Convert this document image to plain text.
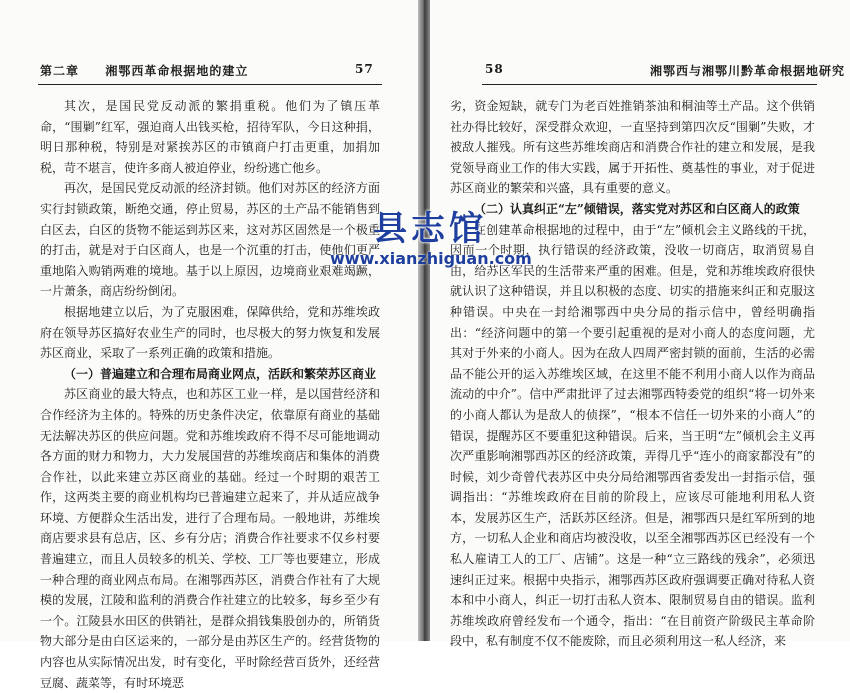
第二章 湘鄂西革命根据地的建立	57

其次，是国民党反动派的繁捐重税。他们为了镇压革命，“围剿”红军，强迫商人出钱买枪，招待军队，今日这种捐，明日那种税，特别是对紧挨苏区的市镇商户打击更重，加捐加税，苛不堪言，使许多商人被迫停业，纷纷逃亡他乡。

再次，是国民党反动派的经济封锁。他们对苏区的经济方面实行封锁政策，断绝交通，停止贸易，苏区的土产品不能销售到白区去，白区的货物不能运到苏区来，这对苏区固然是一个极重的打击，就是对于白区商人，也是一个沉重的打击，使他们更严重地陷入购销两难的境地。基于以上原因，边境商业艰难竭蹶，一片萧条，商店纷纷倒闭。

根据地建立以后，为了克服困难，保障供给，党和苏维埃政府在领导苏区搞好农业生产的同时，也尽极大的努力恢复和发展苏区商业，采取了一系列正确的政策和措施。

（一）普遍建立和合理布局商业网点，活跃和繁荣苏区商业

苏区商业的最大特点，也和苏区工业一样，是以国营经济和合作经济为主体的。特殊的历史条件决定，依靠原有商业的基础无法解决苏区的供应问题。党和苏维埃政府不得不尽可能地调动各方面的财力和物力，大力发展国营的苏维埃商店和集体的消费合作社，以此来建立苏区商业的基础。经过一个时期的艰苦工作，这两类主要的商业机构均已普遍建立起来了，并从适应战争环境、方便群众生活出发，进行了合理布局。一般地讲，苏维埃商店要求县有总店，区、乡有分店；消费合作社要求不仅乡村要普遍建立，而且人员较多的机关、学校、工厂等也要建立，形成一种合理的商业网点布局。在湘鄂西苏区，消费合作社有了大规模的发展，江陵和监利的消费合作社建立的比较多，每乡至少有一个。江陵县水田区的供销社，是群众捐钱集股创办的，所销货物大部分是由白区运来的，一部分是由苏区生产的。经营货物的内容也从实际情况出发，时有变化，平时除经营百货外，还经营豆腐、蔬菜等，有时环境恶

58	湘鄂西与湘鄂川黔革命根据地研究

劣，资金短缺，就专门为老百姓推销茶油和桐油等土产品。这个供销社办得比较好，深受群众欢迎，一直坚持到第四次反“围剿”失败，才被敌人摧残。所有这些苏维埃商店和消费合作社的建立和发展，是我党领导商业工作的伟大实践，属于开拓性、奠基性的事业，对于促进苏区商业的繁荣和兴盛，具有重要的意义。

（二）认真纠正“左”倾错误，落实党对苏区和白区商人的政策

在创建革命根据地的过程中，由于“左”倾机会主义路线的干扰，因而一个时期，执行错误的经济政策，没收一切商店，取消贸易自由，给苏区军民的生活带来严重的困难。但是，党和苏维埃政府很快就认识了这种错误，并且以积极的态度、切实的措施来纠正和克服这种错误。中央在一封给湘鄂西中央分局的指示信中，曾经明确指出：“经济问题中的第一个要引起重视的是对小商人的态度问题，尤其对于外来的小商人。因为在敌人四周严密封锁的面前，生活的必需品不能公开的运入苏维埃区域，在这里不能不利用小商人以作为商品流动的中介”。信中严肃批评了过去湘鄂西特委党的组织“将一切外来的小商人都认为是敌人的侦探”，“根本不信任一切外来的小商人”的错误，提醒苏区不要重犯这种错误。后来，当王明“左”倾机会主义再次严重影响湘鄂西苏区的经济政策，弄得几乎“连小的商家都没有”的时候，刘少奇曾代表苏区中央分局给湘鄂西省委发出一封指示信，强调指出：“苏维埃政府在目前的阶段上，应该尽可能地利用私人资本，发展苏区生产，活跃苏区经济。但是，湘鄂西只是红军所到的地方，一切私人企业和商店均被没收，以至全湘鄂西苏区已经没有一个私人雇请工人的工厂、店铺”。这是一种“立三路线的残余”，必须迅速纠正过来。根据中央指示，湘鄂西苏区政府强调要正确对待私人资本和中小商人，纠正一切打击私人资本、限制贸易自由的错误。监利苏维埃政府曾经发布一个通令，指出：“在目前资产阶级民主革命阶段中，私有制度不仅不能废除，而且必须利用这一私人经济，来

县志馆
www.xianzhiguan.com
